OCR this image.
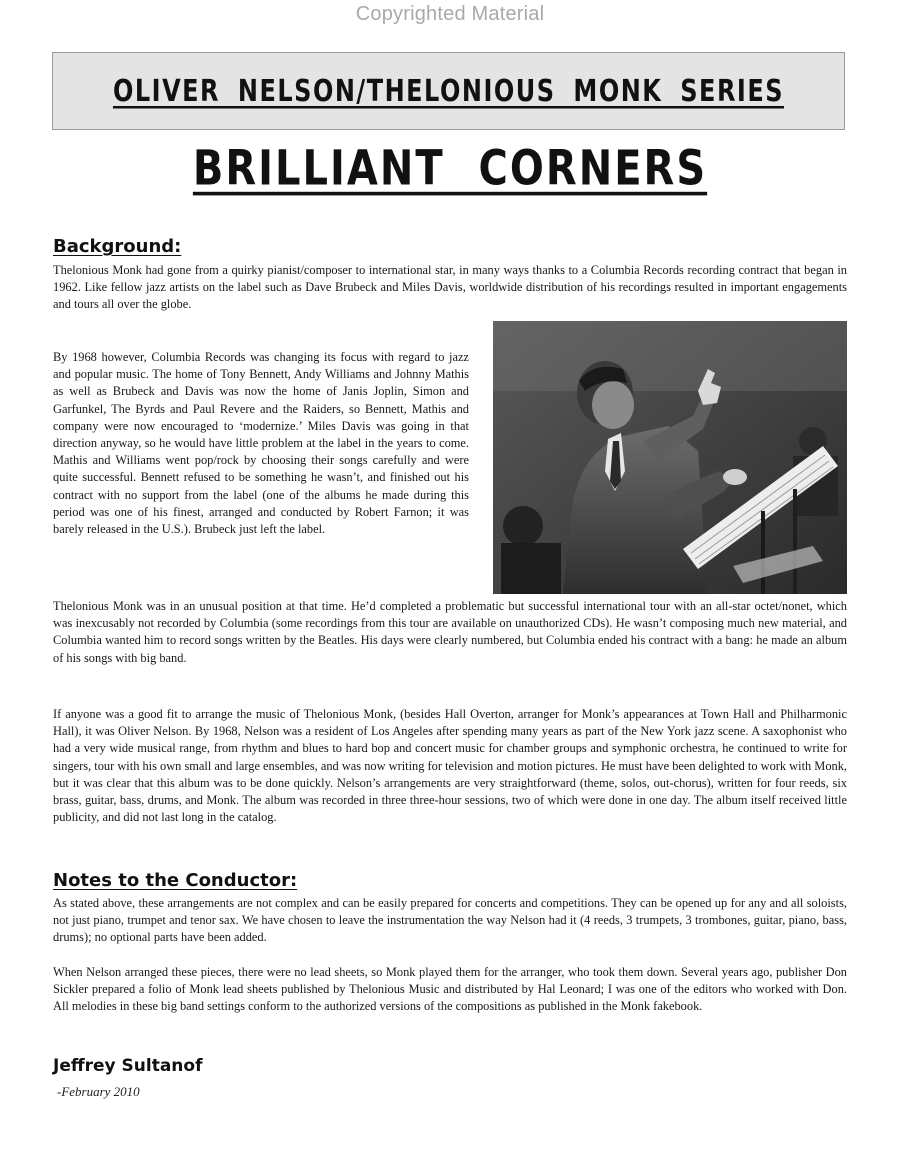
Copyrighted Material
OLIVER NELSON/THELONIOUS MONK SERIES
BRILLIANT CORNERS
Background:

Thelonious Monk had gone from a quirky pianist/composer to international star, in many ways thanks to a Columbia Records recording contract that began in 1962. Like fellow jazz artists on the label such as Dave Brubeck and Miles Davis, worldwide distribution of his recordings resulted in important engagements and tours all over the globe.

By 1968 however, Columbia Records was changing its focus with regard to jazz and popular music. The home of Tony Bennett, Andy Williams and Johnny Mathis as well as Brubeck and Davis was now the home of Janis Joplin, Simon and Garfunkel, The Byrds and Paul Revere and the Raiders, so Bennett, Mathis and company were now encouraged to ‘modernize.’ Miles Davis was going in that direction anyway, so he would have little problem at the label in the years to come. Mathis and Williams went pop/rock by choosing their songs carefully and were quite successful. Bennett refused to be something he wasn’t, and finished out his contract with no support from the label (one of the albums he made during this period was one of his finest, arranged and conducted by Robert Farnon; it was barely released in the U.S.). Brubeck just left the label.

Thelonious Monk was in an unusual position at that time. He’d completed a problematic but successful international tour with an all-star octet/nonet, which was inexcusably not recorded by Columbia (some recordings from this tour are available on unauthorized CDs). He wasn’t composing much new material, and Columbia wanted him to record songs written by the Beatles. His days were clearly numbered, but Columbia ended his contract with a bang: he made an album of his songs with big band.

If anyone was a good fit to arrange the music of Thelonious Monk, (besides Hall Overton, arranger for Monk’s appearances at Town Hall and Philharmonic Hall), it was Oliver Nelson. By 1968, Nelson was a resident of Los Angeles after spending many years as part of the New York jazz scene. A saxophonist who had a very wide musical range, from rhythm and blues to hard bop and concert music for chamber groups and symphonic orchestra, he continued to write for singers, tour with his own small and large ensembles, and was now writing for television and motion pictures. He must have been delighted to work with Monk, but it was clear that this album was to be done quickly. Nelson’s arrangements are very straightforward (theme, solos, out-chorus), written for four reeds, six brass, guitar, bass, drums, and Monk. The album was recorded in three three-hour sessions, two of which were done in one day. The album itself received little publicity, and did not last long in the catalog.

Notes to the Conductor:

As stated above, these arrangements are not complex and can be easily prepared for concerts and competitions. They can be opened up for any and all soloists, not just piano, trumpet and tenor sax. We have chosen to leave the instrumentation the way Nelson had it (4 reeds, 3 trumpets, 3 trombones, guitar, piano, bass, drums); no optional parts have been added.

When Nelson arranged these pieces, there were no lead sheets, so Monk played them for the arranger, who took them down. Several years ago, publisher Don Sickler prepared a folio of Monk lead sheets published by Thelonious Music and distributed by Hal Leonard; I was one of the editors who worked with Don. All melodies in these big band settings conform to the authorized versions of the compositions as published in the Monk fakebook.

Jeffrey Sultanof
-February 2010
